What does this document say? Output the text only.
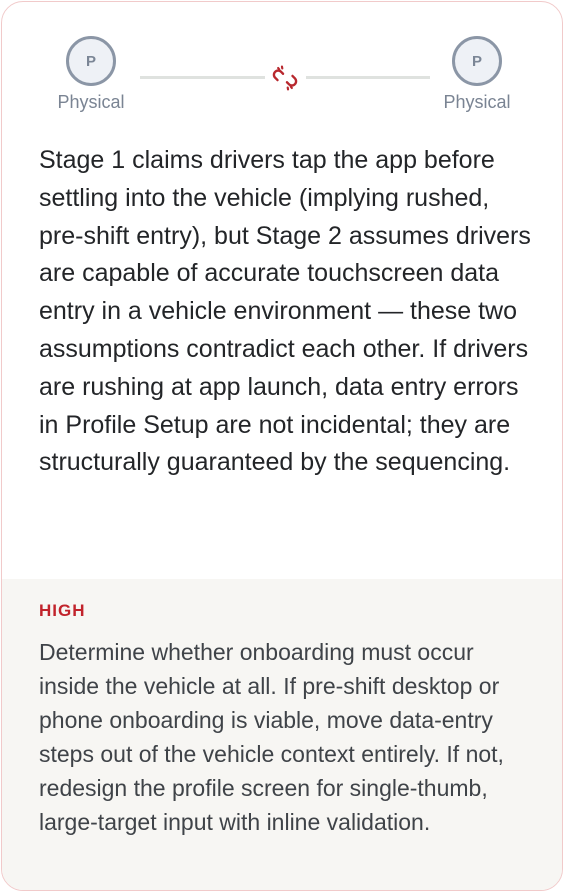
P
Physical
P
Physical

Stage 1 claims drivers tap the app before settling into the vehicle (implying rushed, pre-shift entry), but Stage 2 assumes drivers are capable of accurate touchscreen data entry in a vehicle environment — these two assumptions contradict each other. If drivers are rushing at app launch, data entry errors in Profile Setup are not incidental; they are structurally guaranteed by the sequencing.

HIGH

Determine whether onboarding must occur inside the vehicle at all. If pre-shift desktop or phone onboarding is viable, move data-entry steps out of the vehicle context entirely. If not, redesign the profile screen for single-thumb, large-target input with inline validation.
